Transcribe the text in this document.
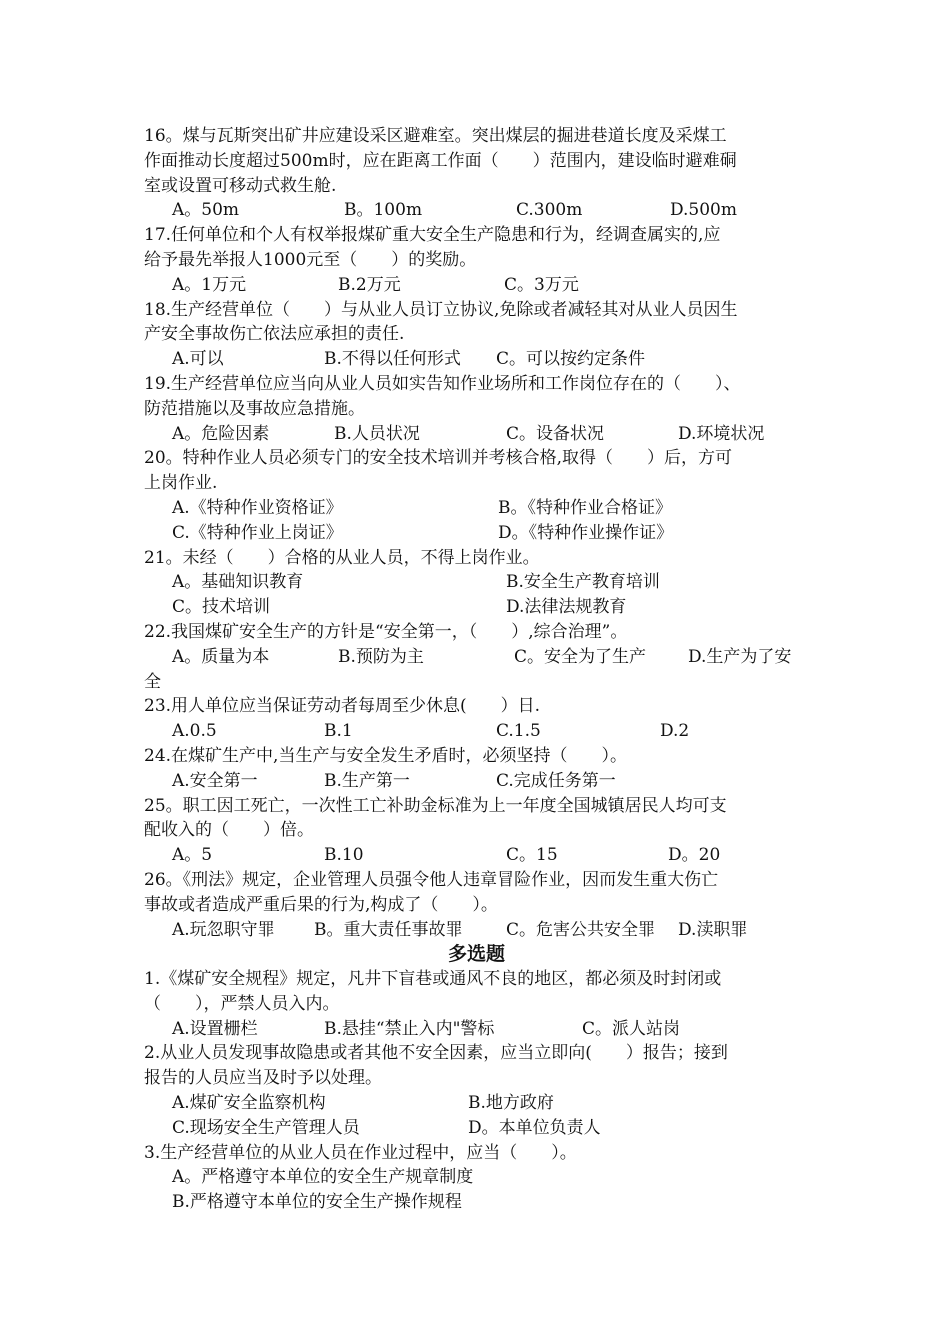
16。煤与瓦斯突出矿井应建设采区避难室。突出煤层的掘进巷道长度及采煤工
作面推动长度超过500m时，应在距离工作面（　　）范围内，建设临时避难硐
室或设置可移动式救生舱.
A。50m	B。100m	C.300m	D.500m
17.任何单位和个人有权举报煤矿重大安全生产隐患和行为，经调查属实的,应
给予最先举报人1000元至（　　）的奖励。
A。1万元	B.2万元	C。3万元
18.生产经营单位（　　）与从业人员订立协议,免除或者减轻其对从业人员因生
产安全事故伤亡依法应承担的责任.
A.可以	B.不得以任何形式	C。可以按约定条件
19.生产经营单位应当向从业人员如实告知作业场所和工作岗位存在的（　　）、
防范措施以及事故应急措施。
A。危险因素	B.人员状况	C。设备状况	D.环境状况
20。特种作业人员必须专门的安全技术培训并考核合格,取得（　　）后，方可
上岗作业.
A.《特种作业资格证》	B。《特种作业合格证》
C.《特种作业上岗证》	D。《特种作业操作证》
21。未经（　　）合格的从业人员，不得上岗作业。
A。基础知识教育	B.安全生产教育培训
C。技术培训	D.法律法规教育
22.我国煤矿安全生产的方针是“安全第一，（　　）,综合治理”。
A。质量为本	B.预防为主	C。安全为了生产	D.生产为了安
全
23.用人单位应当保证劳动者每周至少休息(　　）日.
A.0.5	B.1	C.1.5	D.2
24.在煤矿生产中,当生产与安全发生矛盾时，必须坚持（　　）。
A.安全第一	B.生产第一	C.完成任务第一
25。职工因工死亡，一次性工亡补助金标准为上一年度全国城镇居民人均可支
配收入的（　　）倍。
A。5	B.10	C。15	D。20
26。《刑法》规定，企业管理人员强令他人违章冒险作业，因而发生重大伤亡
事故或者造成严重后果的行为,构成了（　　）。
A.玩忽职守罪	B。重大责任事故罪	C。危害公共安全罪	D.渎职罪
多选题
1.《煤矿安全规程》规定，凡井下盲巷或通风不良的地区，都必须及时封闭或
（　　），严禁人员入内。
A.设置栅栏	B.悬挂“禁止入内"警标	C。派人站岗
2.从业人员发现事故隐患或者其他不安全因素，应当立即向(　　）报告；接到
报告的人员应当及时予以处理。
A.煤矿安全监察机构	B.地方政府
C.现场安全生产管理人员	D。本单位负责人
3.生产经营单位的从业人员在作业过程中，应当（　　）。
A。严格遵守本单位的安全生产规章制度
B.严格遵守本单位的安全生产操作规程
